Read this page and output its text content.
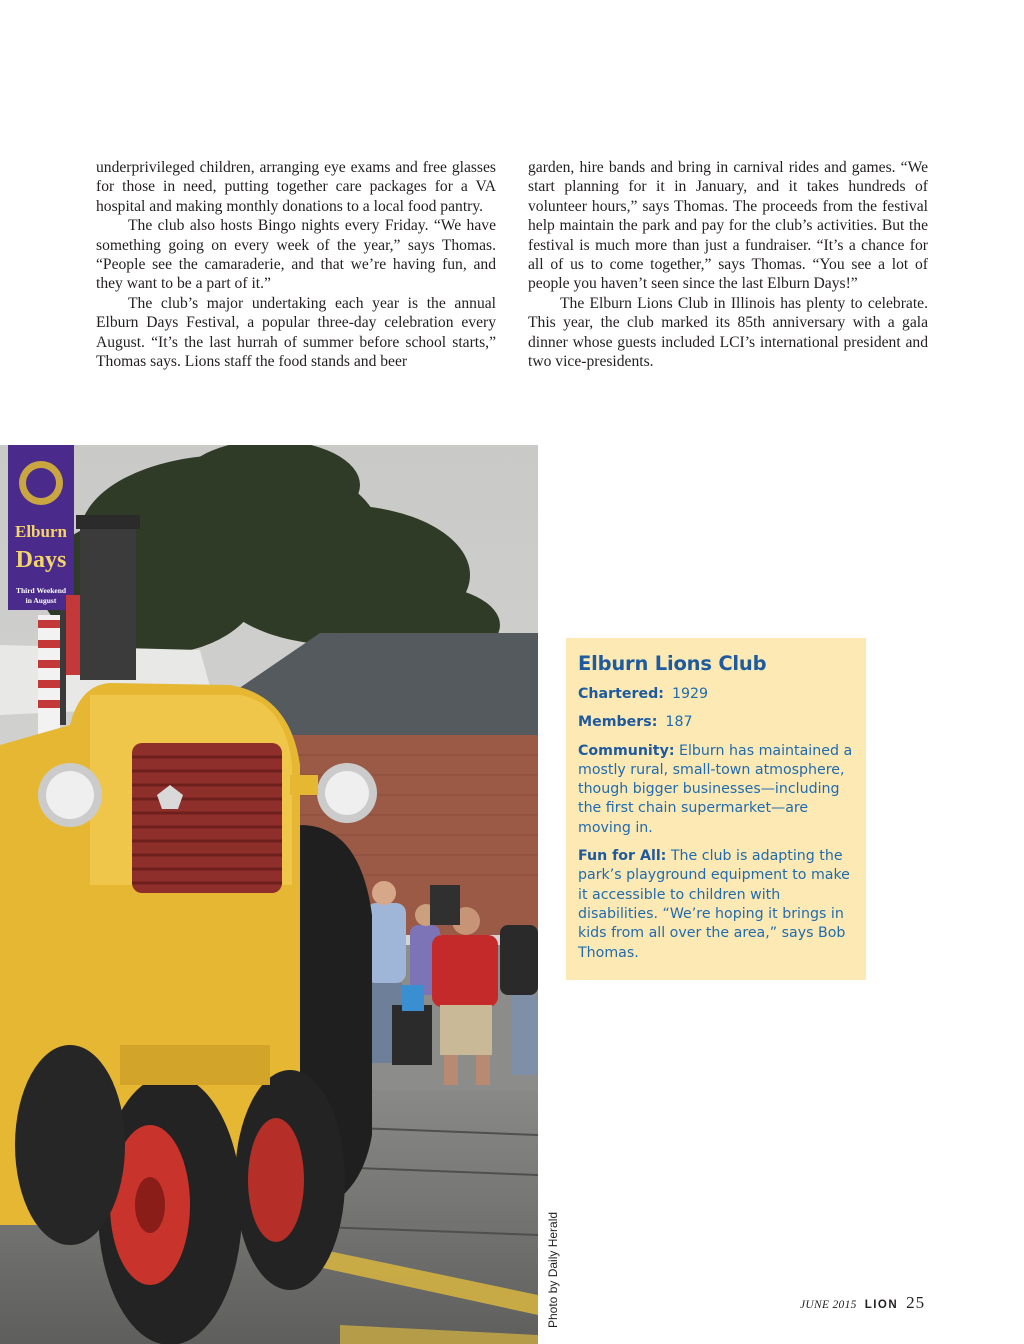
underprivileged children, arranging eye exams and free glasses for those in need, putting together care packages for a VA hospital and making monthly donations to a local food pantry.

The club also hosts Bingo nights every Friday. “We have something going on every week of the year,” says Thomas. “People see the camaraderie, and that we’re having fun, and they want to be a part of it.”

The club’s major undertaking each year is the annual Elburn Days Festival, a popular three-day celebration every August. “It’s the last hurrah of summer before school starts,” Thomas says. Lions staff the food stands and beer

garden, hire bands and bring in carnival rides and games. “We start planning for it in January, and it takes hundreds of volunteer hours,” says Thomas. The proceeds from the festival help maintain the park and pay for the club’s activities. But the festival is much more than just a fundraiser. “It’s a chance for all of us to come together,” says Thomas. “You see a lot of people you haven’t seen since the last Elburn Days!”

The Elburn Lions Club in Illinois has plenty to celebrate. This year, the club marked its 85th anniversary with a gala dinner whose guests included LCI’s international president and two vice-presidents.

Elburn
Days
Third Weekend
in August
Photo by Daily Herald
Elburn Lions Club
Chartered: 1929
Members: 187
Community: Elburn has maintained a mostly rural, small-town atmosphere, though bigger businesses—including the first chain supermarket—are moving in.
Fun for All: The club is adapting the park’s playground equipment to make it accessible to children with disabilities. “We’re hoping it brings in kids from all over the area,” says Bob Thomas.
JUNE 2015 LION 25
